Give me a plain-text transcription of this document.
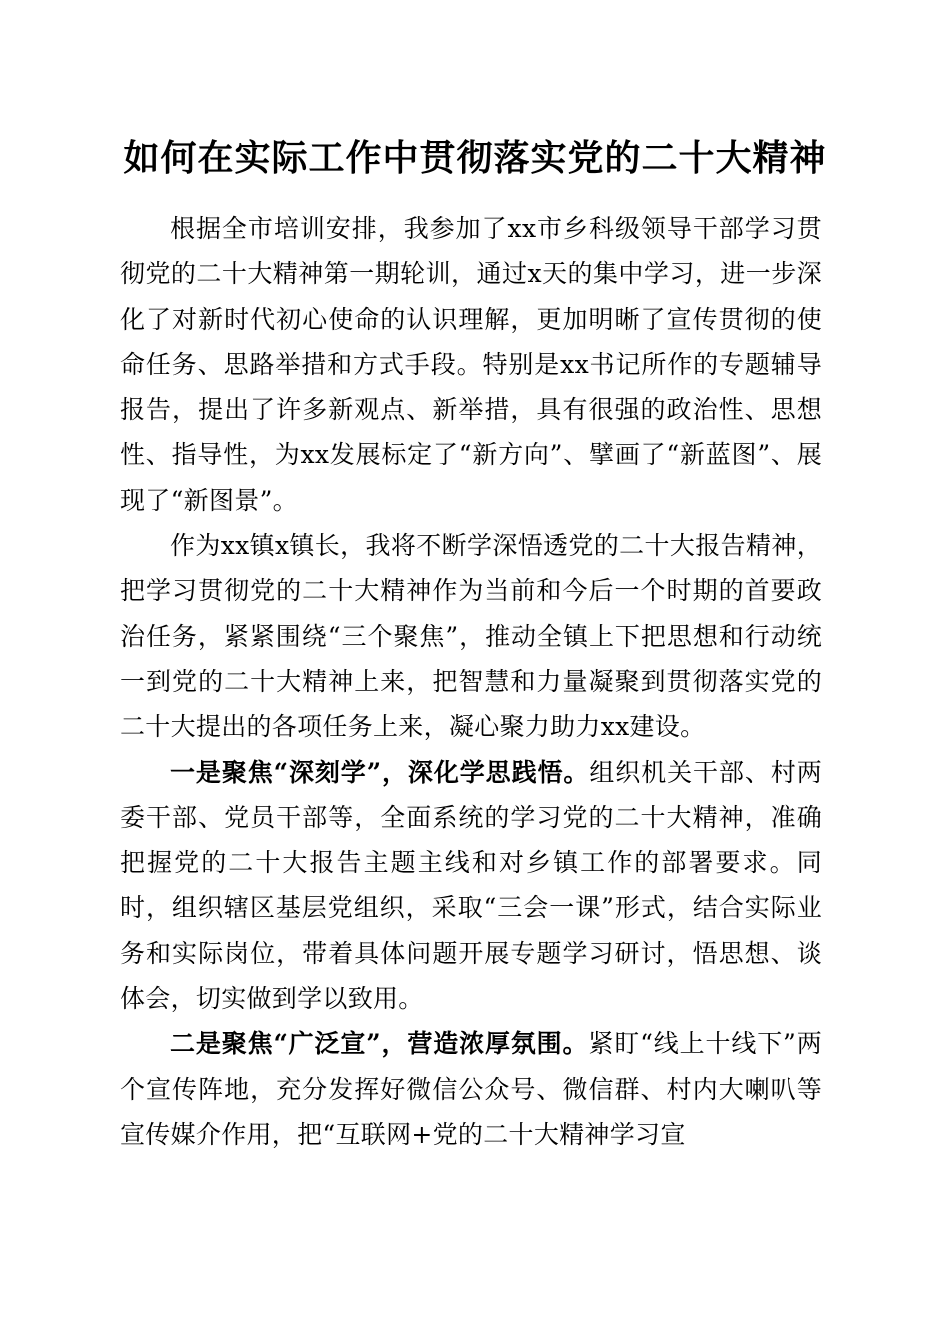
如何在实际工作中贯彻落实党的二十大精神

根据全市培训安排，我参加了xx市乡科级领导干部学习贯彻党的二十大精神第一期轮训，通过x天的集中学习，进一步深化了对新时代初心使命的认识理解，更加明晰了宣传贯彻的使命任务、思路举措和方式手段。特别是xx书记所作的专题辅导报告，提出了许多新观点、新举措，具有很强的政治性、思想性、指导性，为xx发展标定了“新方向”、擘画了“新蓝图”、展现了“新图景”。

作为xx镇x镇长，我将不断学深悟透党的二十大报告精神，把学习贯彻党的二十大精神作为当前和今后一个时期的首要政治任务，紧紧围绕“三个聚焦”，推动全镇上下把思想和行动统一到党的二十大精神上来，把智慧和力量凝聚到贯彻落实党的二十大提出的各项任务上来，凝心聚力助力xx建设。

一是聚焦“深刻学”，深化学思践悟。组织机关干部、村两委干部、党员干部等，全面系统的学习党的二十大精神，准确把握党的二十大报告主题主线和对乡镇工作的部署要求。同时，组织辖区基层党组织，采取“三会一课”形式，结合实际业务和实际岗位，带着具体问题开展专题学习研讨，悟思想、谈体会，切实做到学以致用。

二是聚焦“广泛宣”，营造浓厚氛围。紧盯“线上十线下”两个宣传阵地，充分发挥好微信公众号、微信群、村内大喇叭等宣传媒介作用，把“互联网+党的二十大精神学习宣
